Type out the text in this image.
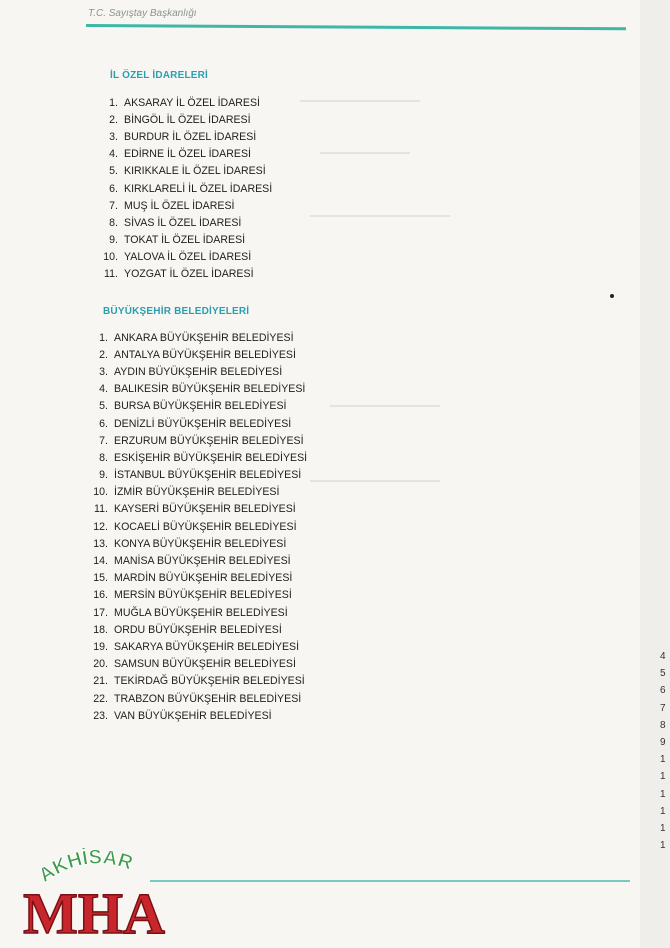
T.C. Sayıştay Başkanlığı
İL ÖZEL İDARELERİ
1. AKSARAY İL ÖZEL İDARESİ
2. BİNGÖL İL ÖZEL İDARESİ
3. BURDUR İL ÖZEL İDARESİ
4. EDİRNE İL ÖZEL İDARESİ
5. KIRIKKALE İL ÖZEL İDARESİ
6. KIRKLARELİ İL ÖZEL İDARESİ
7. MUŞ İL ÖZEL İDARESİ
8. SİVAS İL ÖZEL İDARESİ
9. TOKAT İL ÖZEL İDARESİ
10. YALOVA İL ÖZEL İDARESİ
11. YOZGAT İL ÖZEL İDARESİ
BÜYÜKŞEHİR BELEDİYELERİ
1. ANKARA BÜYÜKŞEHİR BELEDİYESİ
2. ANTALYA BÜYÜKŞEHİR BELEDİYESİ
3. AYDIN BÜYÜKŞEHİR BELEDİYESİ
4. BALIKESİR BÜYÜKŞEHİR BELEDİYESİ
5. BURSA BÜYÜKŞEHİR BELEDİYESİ
6. DENİZLİ BÜYÜKŞEHİR BELEDİYESİ
7. ERZURUM BÜYÜKŞEHİR BELEDİYESİ
8. ESKİŞEHİR BÜYÜKŞEHİR BELEDİYESİ
9. İSTANBUL BÜYÜKŞEHİR BELEDİYESİ
10. İZMİR BÜYÜKŞEHİR BELEDİYESİ
11. KAYSERİ BÜYÜKŞEHİR BELEDİYESİ
12. KOCAELİ BÜYÜKŞEHİR BELEDİYESİ
13. KONYA BÜYÜKŞEHİR BELEDİYESİ
14. MANİSA BÜYÜKŞEHİR BELEDİYESİ
15. MARDİN BÜYÜKŞEHİR BELEDİYESİ
16. MERSİN BÜYÜKŞEHİR BELEDİYESİ
17. MUĞLA BÜYÜKŞEHİR BELEDİYESİ
18. ORDU BÜYÜKŞEHİR BELEDİYESİ
19. SAKARYA BÜYÜKŞEHİR BELEDİYESİ
20. SAMSUN BÜYÜKŞEHİR BELEDİYESİ
21. TEKİRDAĞ BÜYÜKŞEHİR BELEDİYESİ
22. TRABZON BÜYÜKŞEHİR BELEDİYESİ
23. VAN BÜYÜKŞEHİR BELEDİYESİ
AKHİSAR
MHA
4
5
6
7
8
9
1
1
1
1
1
1
